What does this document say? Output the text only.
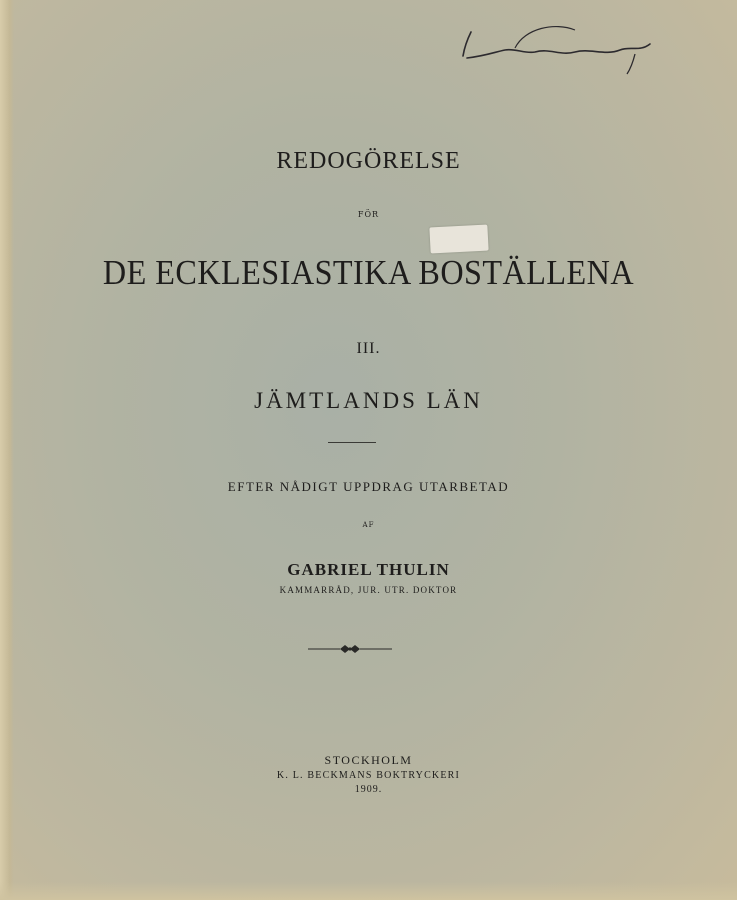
REDOGÖRELSE
FÖR
DE ECKLESIASTIKA BOSTÄLLENA
III.
JÄMTLANDS LÄN
EFTER NÅDIGT UPPDRAG UTARBETAD
AF
GABRIEL THULIN
KAMMARRÅD, JUR. UTR. DOKTOR
STOCKHOLM
K. L. BECKMANS BOKTRYCKERI
1909.
